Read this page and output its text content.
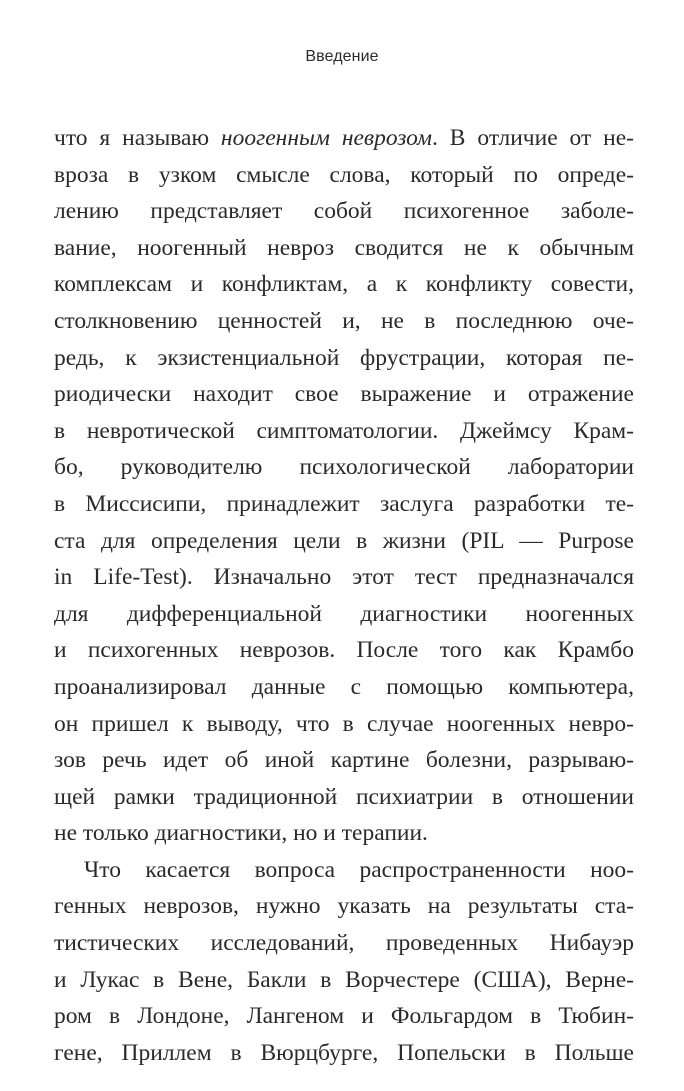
Введение
что я называю ноогенным неврозом. В отличие от не-
вроза в узком смысле слова, который по опреде-
лению представляет собой психогенное заболе-
вание, ноогенный невроз сводится не к обычным
комплексам и конфликтам, а к конфликту совести,
столкновению ценностей и, не в последнюю оче-
редь, к экзистенциальной фрустрации, которая пе-
риодически находит свое выражение и отражение
в невротической симптоматологии. Джеймсу Крам-
бо, руководителю психологической лаборатории
в Миссисипи, принадлежит заслуга разработки те-
ста для определения цели в жизни (PIL — Purpose
in Life-Test). Изначально этот тест предназначался
для дифференциальной диагностики ноогенных
и психогенных неврозов. После того как Крамбо
проанализировал данные с помощью компьютера,
он пришел к выводу, что в случае ноогенных невро-
зов речь идет об иной картине болезни, разрываю-
щей рамки традиционной психиатрии в отношении
не только диагностики, но и терапии.
Что касается вопроса распространенности ноо-
генных неврозов, нужно указать на результаты ста-
тистических исследований, проведенных Нибауэр
и Лукас в Вене, Бакли в Ворчестере (США), Верне-
ром в Лондоне, Лангеном и Фольгардом в Тюбин-
гене, Приллем в Вюрцбурге, Попельски в Польше
